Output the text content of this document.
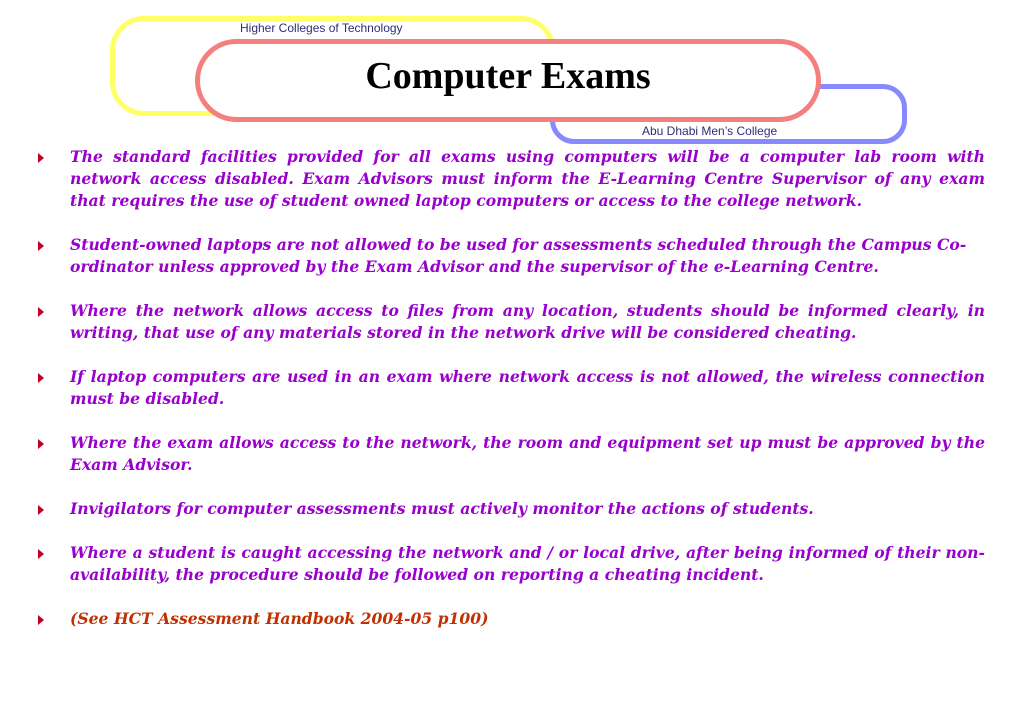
Higher Colleges of Technology
Computer Exams
Abu Dhabi Men’s College
The standard facilities provided for all exams using computers will be a computer lab room with network access disabled. Exam Advisors must inform the E-Learning Centre Supervisor of any exam that requires the use of student owned laptop computers or access to the college network.
Student-owned laptops are not allowed to be used for assessments scheduled through the Campus Co-ordinator unless approved by the Exam Advisor and the supervisor of the e-Learning Centre.
Where the network allows access to files from any location, students should be informed clearly, in writing, that use of any materials stored in the network drive will be considered cheating.
If laptop computers are used in an exam where network access is not allowed, the wireless connection must be disabled.
Where the exam allows access to the network, the room and equipment set up must be approved by the Exam Advisor.
Invigilators for computer assessments must actively monitor the actions of students.
Where a student is caught accessing the network and / or local drive, after being informed of their non-availability, the procedure should be followed on reporting a cheating incident.
(See HCT Assessment Handbook 2004-05 p100)
